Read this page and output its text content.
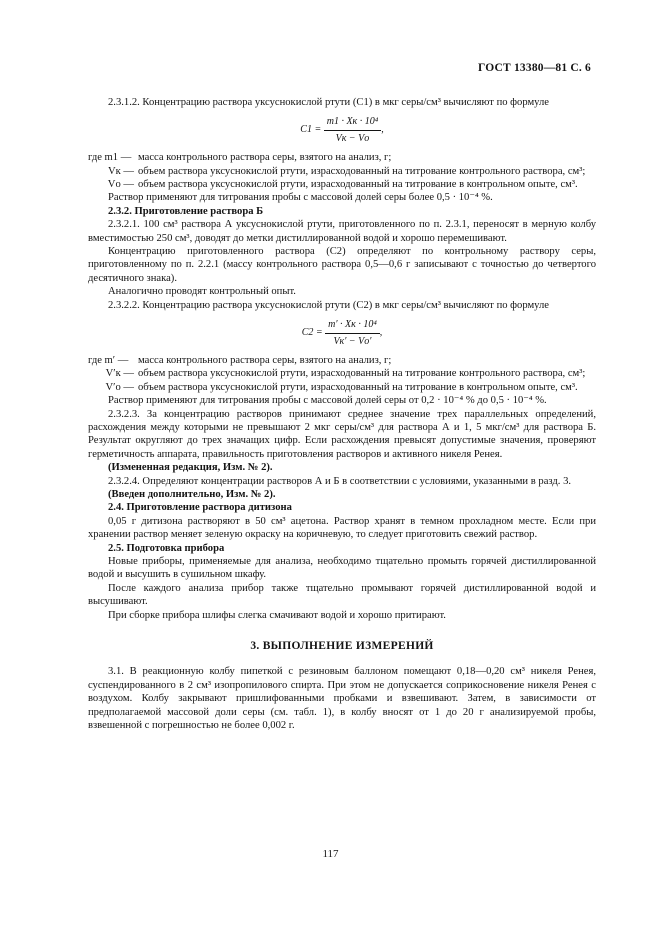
ГОСТ 13380—81 С. 6

2.3.1.2. Концентрацию раствора уксуснокислой ртути (C1) в мкг серы/см³ вычисляют по формуле

$C1 = \frac{\text{m1 · Xк · 10⁴}}{Vк - Vо}$ ,
где m1 — масса контрольного раствора серы, взятого на анализ, г;
Vк — объем раствора уксуснокислой ртути, израсходованный на титрование контрольного раствора, см³;
Vо — объем раствора уксуснокислой ртути, израсходованный на титрование в контрольном опыте, см³.

Раствор применяют для титрования пробы с массовой долей серы более 0,5 · 10⁻⁴ %.

2.3.2. Приготовление раствора Б

2.3.2.1. 100 см³ раствора А уксуснокислой ртути, приготовленного по п. 2.3.1, переносят в мерную колбу вместимостью 250 см³, доводят до метки дистиллированной водой и хорошо перемешивают.

Концентрацию приготовленного раствора (C2) определяют по контрольному раствору серы, приготовленному по п. 2.2.1 (массу контрольного раствора 0,5—0,6 г записывают с точностью до четвертого десятичного знака).

Аналогично проводят контрольный опыт.

2.3.2.2. Концентрацию раствора уксуснокислой ртути (C2) в мкг серы/см³ вычисляют по формуле

$C2 = \frac{\text{m′ · Xк · 10⁴}}{Vк' - Vо'}$ ,
где m′ — масса контрольного раствора серы, взятого на анализ, г;
V′к — объем раствора уксуснокислой ртути, израсходованный на титрование контрольного раствора, см³;
V′о — объем раствора уксуснокислой ртути, израсходованный на титрование в контрольном опыте, см³.

Раствор применяют для титрования пробы с массовой долей серы от 0,2 · 10⁻⁴ % до 0,5 · 10⁻⁴ %.

2.3.2.3. За концентрацию растворов принимают среднее значение трех параллельных определений, расхождения между которыми не превышают 2 мкг серы/см³ для раствора А и 1, 5 мкг/см³ для раствора Б. Результат округляют до трех значащих цифр. Если расхождения превысят допустимые значения, проверяют герметичность аппарата, правильность приготовления растворов и активного никеля Ренея.

(Измененная редакция, Изм. № 2).

2.3.2.4. Определяют концентрации растворов А и Б в соответствии с условиями, указанными в разд. 3.

(Введен дополнительно, Изм. № 2).

2.4. Приготовление раствора дитизона

0,05 г дитизона растворяют в 50 см³ ацетона. Раствор хранят в темном прохладном месте. Если при хранении раствор меняет зеленую окраску на коричневую, то следует приготовить свежий раствор.

2.5. Подготовка прибора

Новые приборы, применяемые для анализа, необходимо тщательно промыть горячей дистиллированной водой и высушить в сушильном шкафу.

После каждого анализа прибор также тщательно промывают горячей дистиллированной водой и высушивают.

При сборке прибора шлифы слегка смачивают водой и хорошо притирают.

3. ВЫПОЛНЕНИЕ ИЗМЕРЕНИЙ

3.1. В реакционную колбу пипеткой с резиновым баллоном помещают 0,18—0,20 см³ никеля Ренея, суспендированного в 2 см³ изопропилового спирта. При этом не допускается соприкосновение никеля Ренея с воздухом. Колбу закрывают пришлифованными пробками и взвешивают. Затем, в зависимости от предполагаемой массовой доли серы (см. табл. 1), в колбу вносят от 1 до 20 г анализируемой пробы, взвешенной с погрешностью не более 0,002 г.

117
